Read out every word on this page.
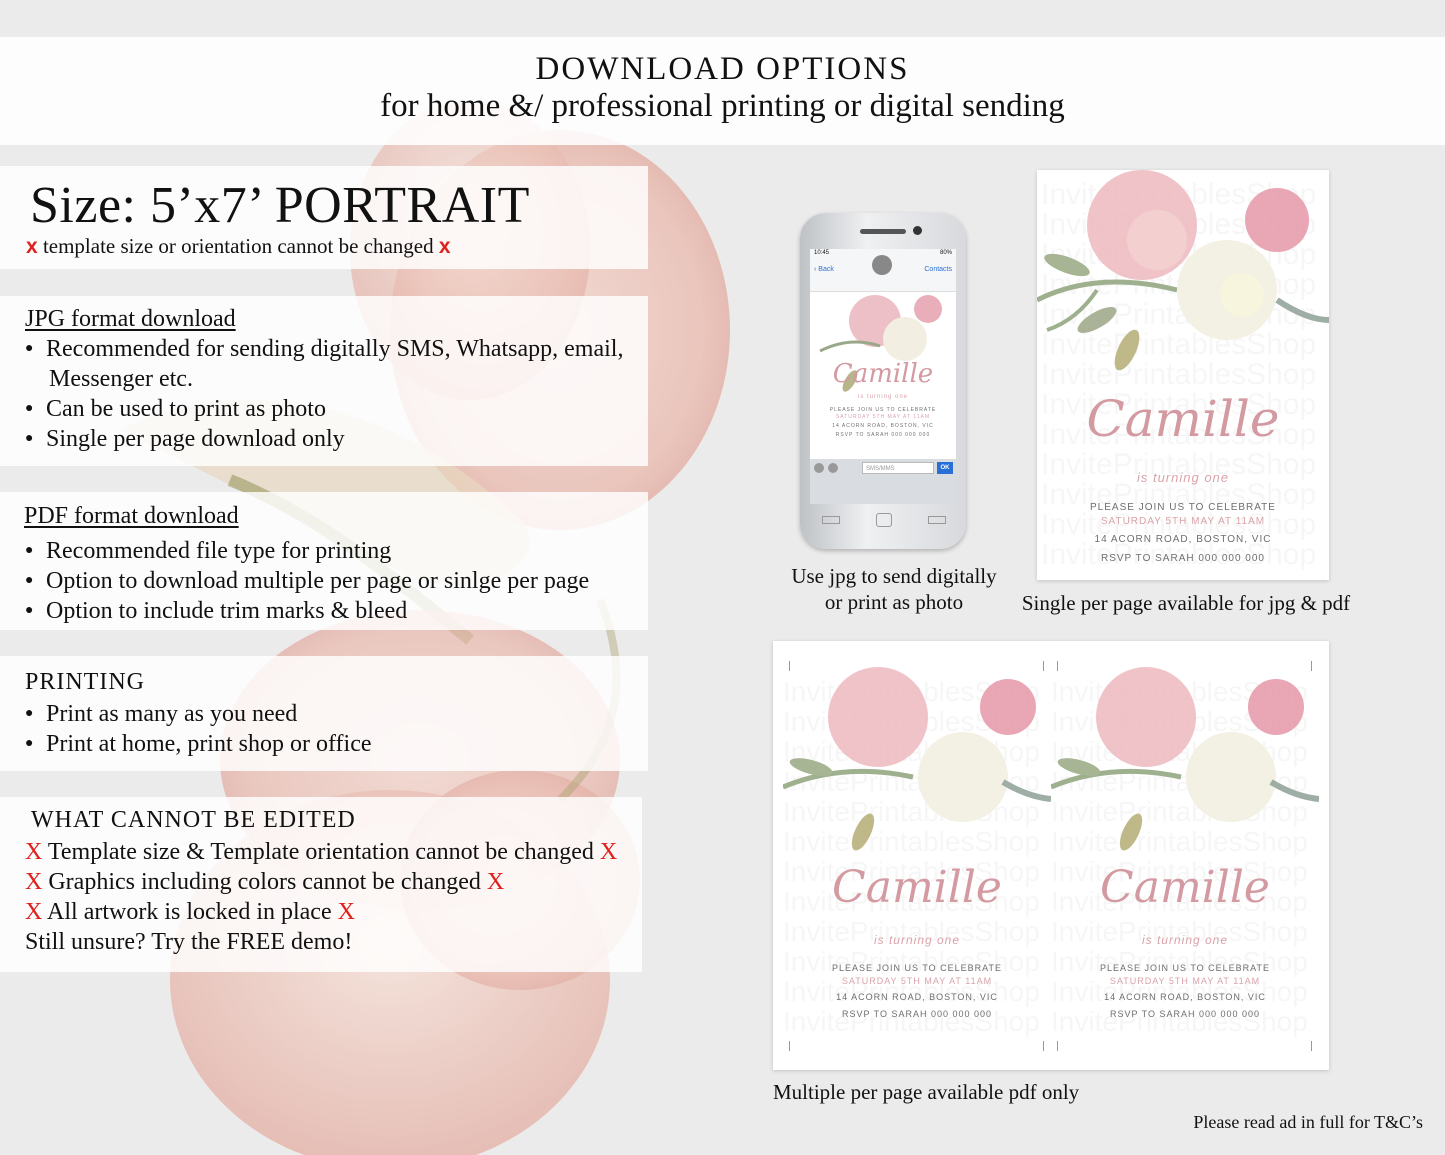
DOWNLOAD OPTIONS
for home &/ professional printing or digital sending
Size: 5’x7’ PORTRAIT
x template size or orientation cannot be changed x
JPG format download
● Recommended for sending digitally SMS, Whatsapp, email,
Messenger etc.
● Can be used to print as photo
● Single per page download only
PDF format download
● Recommended file type for printing
● Option to download multiple per page or sinlge per page
● Option to include trim marks & bleed
PRINTING
● Print as many as you need
● Print at home, print shop or office
WHAT CANNOT BE EDITED
X Template size & Template orientation cannot be changed X
X Graphics including colors cannot be changed X
X All artwork is locked in place X
Still unsure? Try the FREE demo!
10:45	80%
‹ Back	Contacts
Camille
is turning one
PLEASE JOIN US TO CELEBRATE
SATURDAY 5TH MAY AT 11AM
14 ACORN ROAD, BOSTON, VIC
RSVP TO SARAH 000 000 000
SMS/MMS	OK
Use jpg to send digitally
or print as photo
Camille
is turning one
PLEASE JOIN US TO CELEBRATE
SATURDAY 5TH MAY AT 11AM
14 ACORN ROAD, BOSTON, VIC
RSVP TO SARAH 000 000 000
Single per page available for jpg & pdf
Camille
is turning one
PLEASE JOIN US TO CELEBRATE
SATURDAY 5TH MAY AT 11AM
14 ACORN ROAD, BOSTON, VIC
RSVP TO SARAH 000 000 000
Camille
is turning one
PLEASE JOIN US TO CELEBRATE
SATURDAY 5TH MAY AT 11AM
14 ACORN ROAD, BOSTON, VIC
RSVP TO SARAH 000 000 000
Multiple per page available pdf only
Please read ad in full for T&C’s
